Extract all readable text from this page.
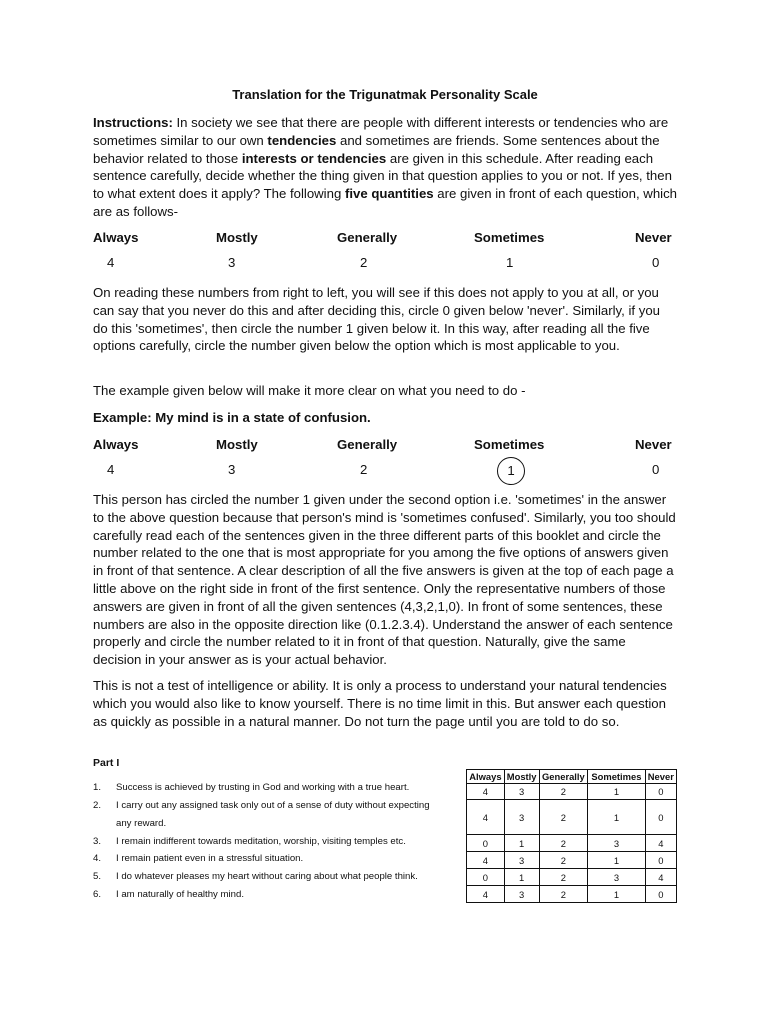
Translation for the Trigunatmak Personality Scale

Instructions: In society we see that there are people with different interests or tendencies who are sometimes similar to our own tendencies and sometimes are friends. Some sentences about the behavior related to those interests or tendencies are given in this schedule. After reading each sentence carefully, decide whether the thing given in that question applies to you or not. If yes, then to what extent does it apply? The following five quantities are given in front of each question, which are as follows-

Always	Mostly	Generally	Sometimes	Never
4	3	2	1	0

On reading these numbers from right to left, you will see if this does not apply to you at all, or you can say that you never do this and after deciding this, circle 0 given below 'never'. Similarly, if you do this 'sometimes', then circle the number 1 given below it. In this way, after reading all the five options carefully, circle the number given below the option which is most applicable to you.

The example given below will make it more clear on what you need to do -

Example: My mind is in a state of confusion.

Always	Mostly	Generally	Sometimes	Never
4	3	2	1	0

This person has circled the number 1 given under the second option i.e. 'sometimes' in the answer to the above question because that person's mind is 'sometimes confused'. Similarly, you too should carefully read each of the sentences given in the three different parts of this booklet and circle the number related to the one that is most appropriate for you among the five options of answers given in front of that sentence. A clear description of all the five answers is given at the top of each page a little above on the right side in front of the first sentence. Only the representative numbers of those answers are given in front of all the given sentences (4,3,2,1,0). In front of some sentences, these numbers are also in the opposite direction like (0.1.2.3.4). Understand the answer of each sentence properly and circle the number related to it in front of that question. Naturally, give the same decision in your answer as is your actual behavior.

This is not a test of intelligence or ability. It is only a process to understand your natural tendencies which you would also like to know yourself. There is no time limit in this. But answer each question as quickly as possible in a natural manner. Do not turn the page until you are told to do so.

Part I
1. Success is achieved by trusting in God and working with a true heart.
2. I carry out any assigned task only out of a sense of duty without expecting any reward.
3. I remain indifferent towards meditation, worship, visiting temples etc.
4. I remain patient even in a stressful situation.
5. I do whatever pleases my heart without caring about what people think.
6. I am naturally of healthy mind.
Always	Mostly	Generally	Sometimes	Never
4	3	2	1	0
4	3	2	1	0
0	1	2	3	4
4	3	2	1	0
0	1	2	3	4
4	3	2	1	0
